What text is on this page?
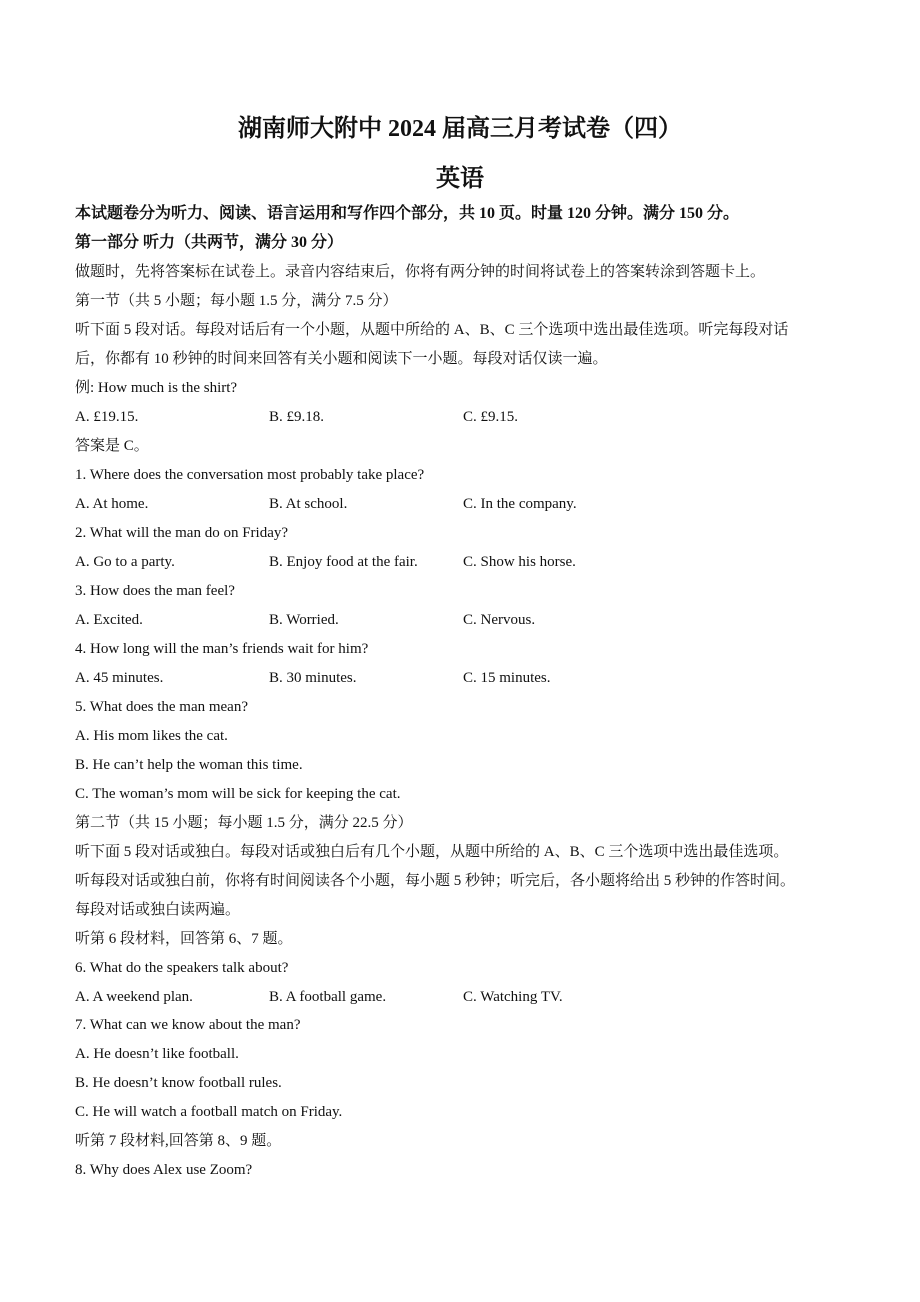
湖南师大附中 2024 届高三月考试卷（四）
英语
本试题卷分为听力、阅读、语言运用和写作四个部分，共 10 页。时量 120 分钟。满分 150 分。
第一部分 听力（共两节，满分 30 分）
做题时，先将答案标在试卷上。录音内容结束后，你将有两分钟的时间将试卷上的答案转涂到答题卡上。
第一节（共 5 小题；每小题 1.5 分，满分 7.5 分）
听下面 5 段对话。每段对话后有一个小题，从题中所给的 A、B、C 三个选项中选出最佳选项。听完每段对话
后，你都有 10 秒钟的时间来回答有关小题和阅读下一小题。每段对话仅读一遍。
例: How much is the shirt?
A. £19.15.	B. £9.18.	C. £9.15.
答案是 C。
1. Where does the conversation most probably take place?
A. At home.	B. At school.	C. In the company.
2. What will the man do on Friday?
A. Go to a party.	B. Enjoy food at the fair.	C. Show his horse.
3. How does the man feel?
A. Excited.	B. Worried.	C. Nervous.
4. How long will the man’s friends wait for him?
A. 45 minutes.	B. 30 minutes.	C. 15 minutes.
5. What does the man mean?
A. His mom likes the cat.
B. He can’t help the woman this time.
C. The woman’s mom will be sick for keeping the cat.
第二节（共 15 小题；每小题 1.5 分，满分 22.5 分）
听下面 5 段对话或独白。每段对话或独白后有几个小题，从题中所给的 A、B、C 三个选项中选出最佳选项。
听每段对话或独白前，你将有时间阅读各个小题，每小题 5 秒钟；听完后，各小题将给出 5 秒钟的作答时间。
每段对话或独白读两遍。
听第 6 段材料，回答第 6、7 题。
6. What do the speakers talk about?
A. A weekend plan.	B. A football game.	C. Watching TV.
7. What can we know about the man?
A. He doesn’t like football.
B. He doesn’t know football rules.
C. He will watch a football match on Friday.
听第 7 段材料,回答第 8、9 题。
8. Why does Alex use Zoom?
